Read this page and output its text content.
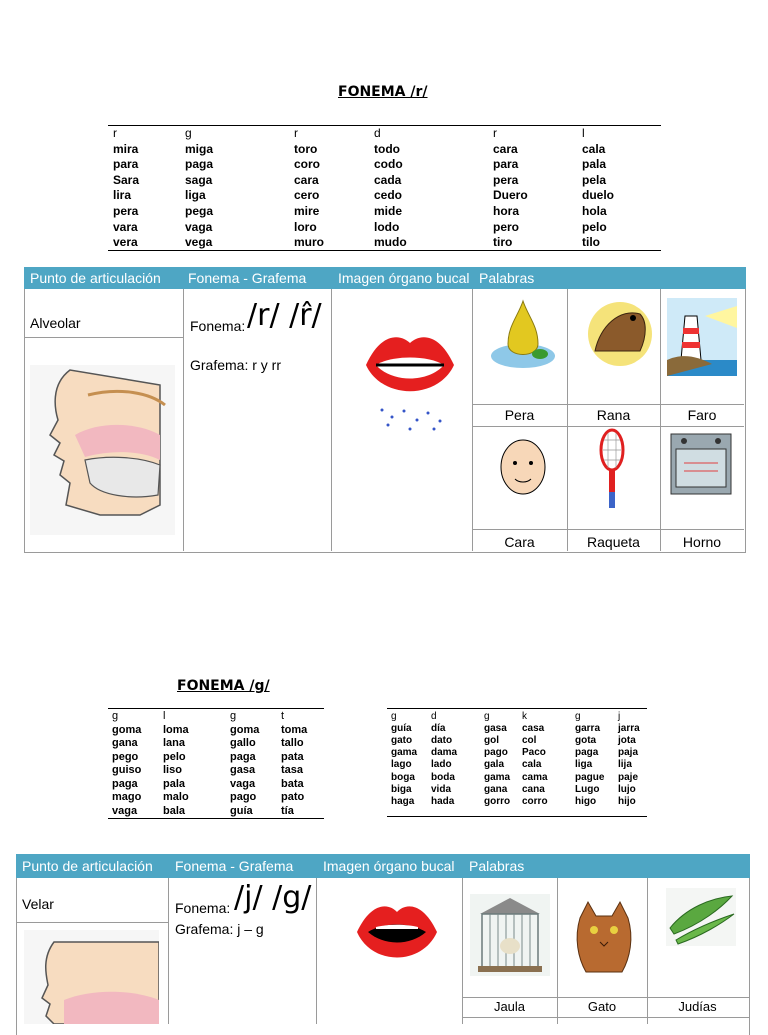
FONEMA /r/
r	g	r	d	r	l
mira	miga	toro	todo	cara	cala
para	paga	coro	codo	para	pala
Sara	saga	cara	cada	pera	pela
lira	liga	cero	cedo	Duero	duelo
pera	pega	mire	mide	hora	hola
vara	vaga	loro	lodo	pero	pelo
vera	vega	muro	mudo	tiro	tilo
Punto de articulación Fonema - Grafema Imagen órgano bucal Palabras
Alveolar	Fonema: /r/ /r̂/
Grafema: r y rr
Pera	Rana	Faro
Cara	Raqueta	Horno
FONEMA /g/
g	l	g	t
goma loma	goma toma
gana lana	gallo tallo
pego pelo	paga pata
guiso liso	gasa tasa
paga pala	vaga bata
mago malo	pago pato
vaga bala	guía	tía
g	d	g	k	g	j
guía día	gasa casa	garra jarra
gato dato	gol col	gota jota
gama dama	pago Paco	paga paja
lago lado	gala cala	liga	lija
boga boda	gama cama	pague paje
biga vida	gana cana	Lugo lujo
haga hada	gorro corro	higo hijo
Punto de articulación Fonema - Grafema Imagen órgano bucal Palabras
Velar	Fonema: /j/ /g/
Grafema: j – g
Jaula	Gato	Judías
